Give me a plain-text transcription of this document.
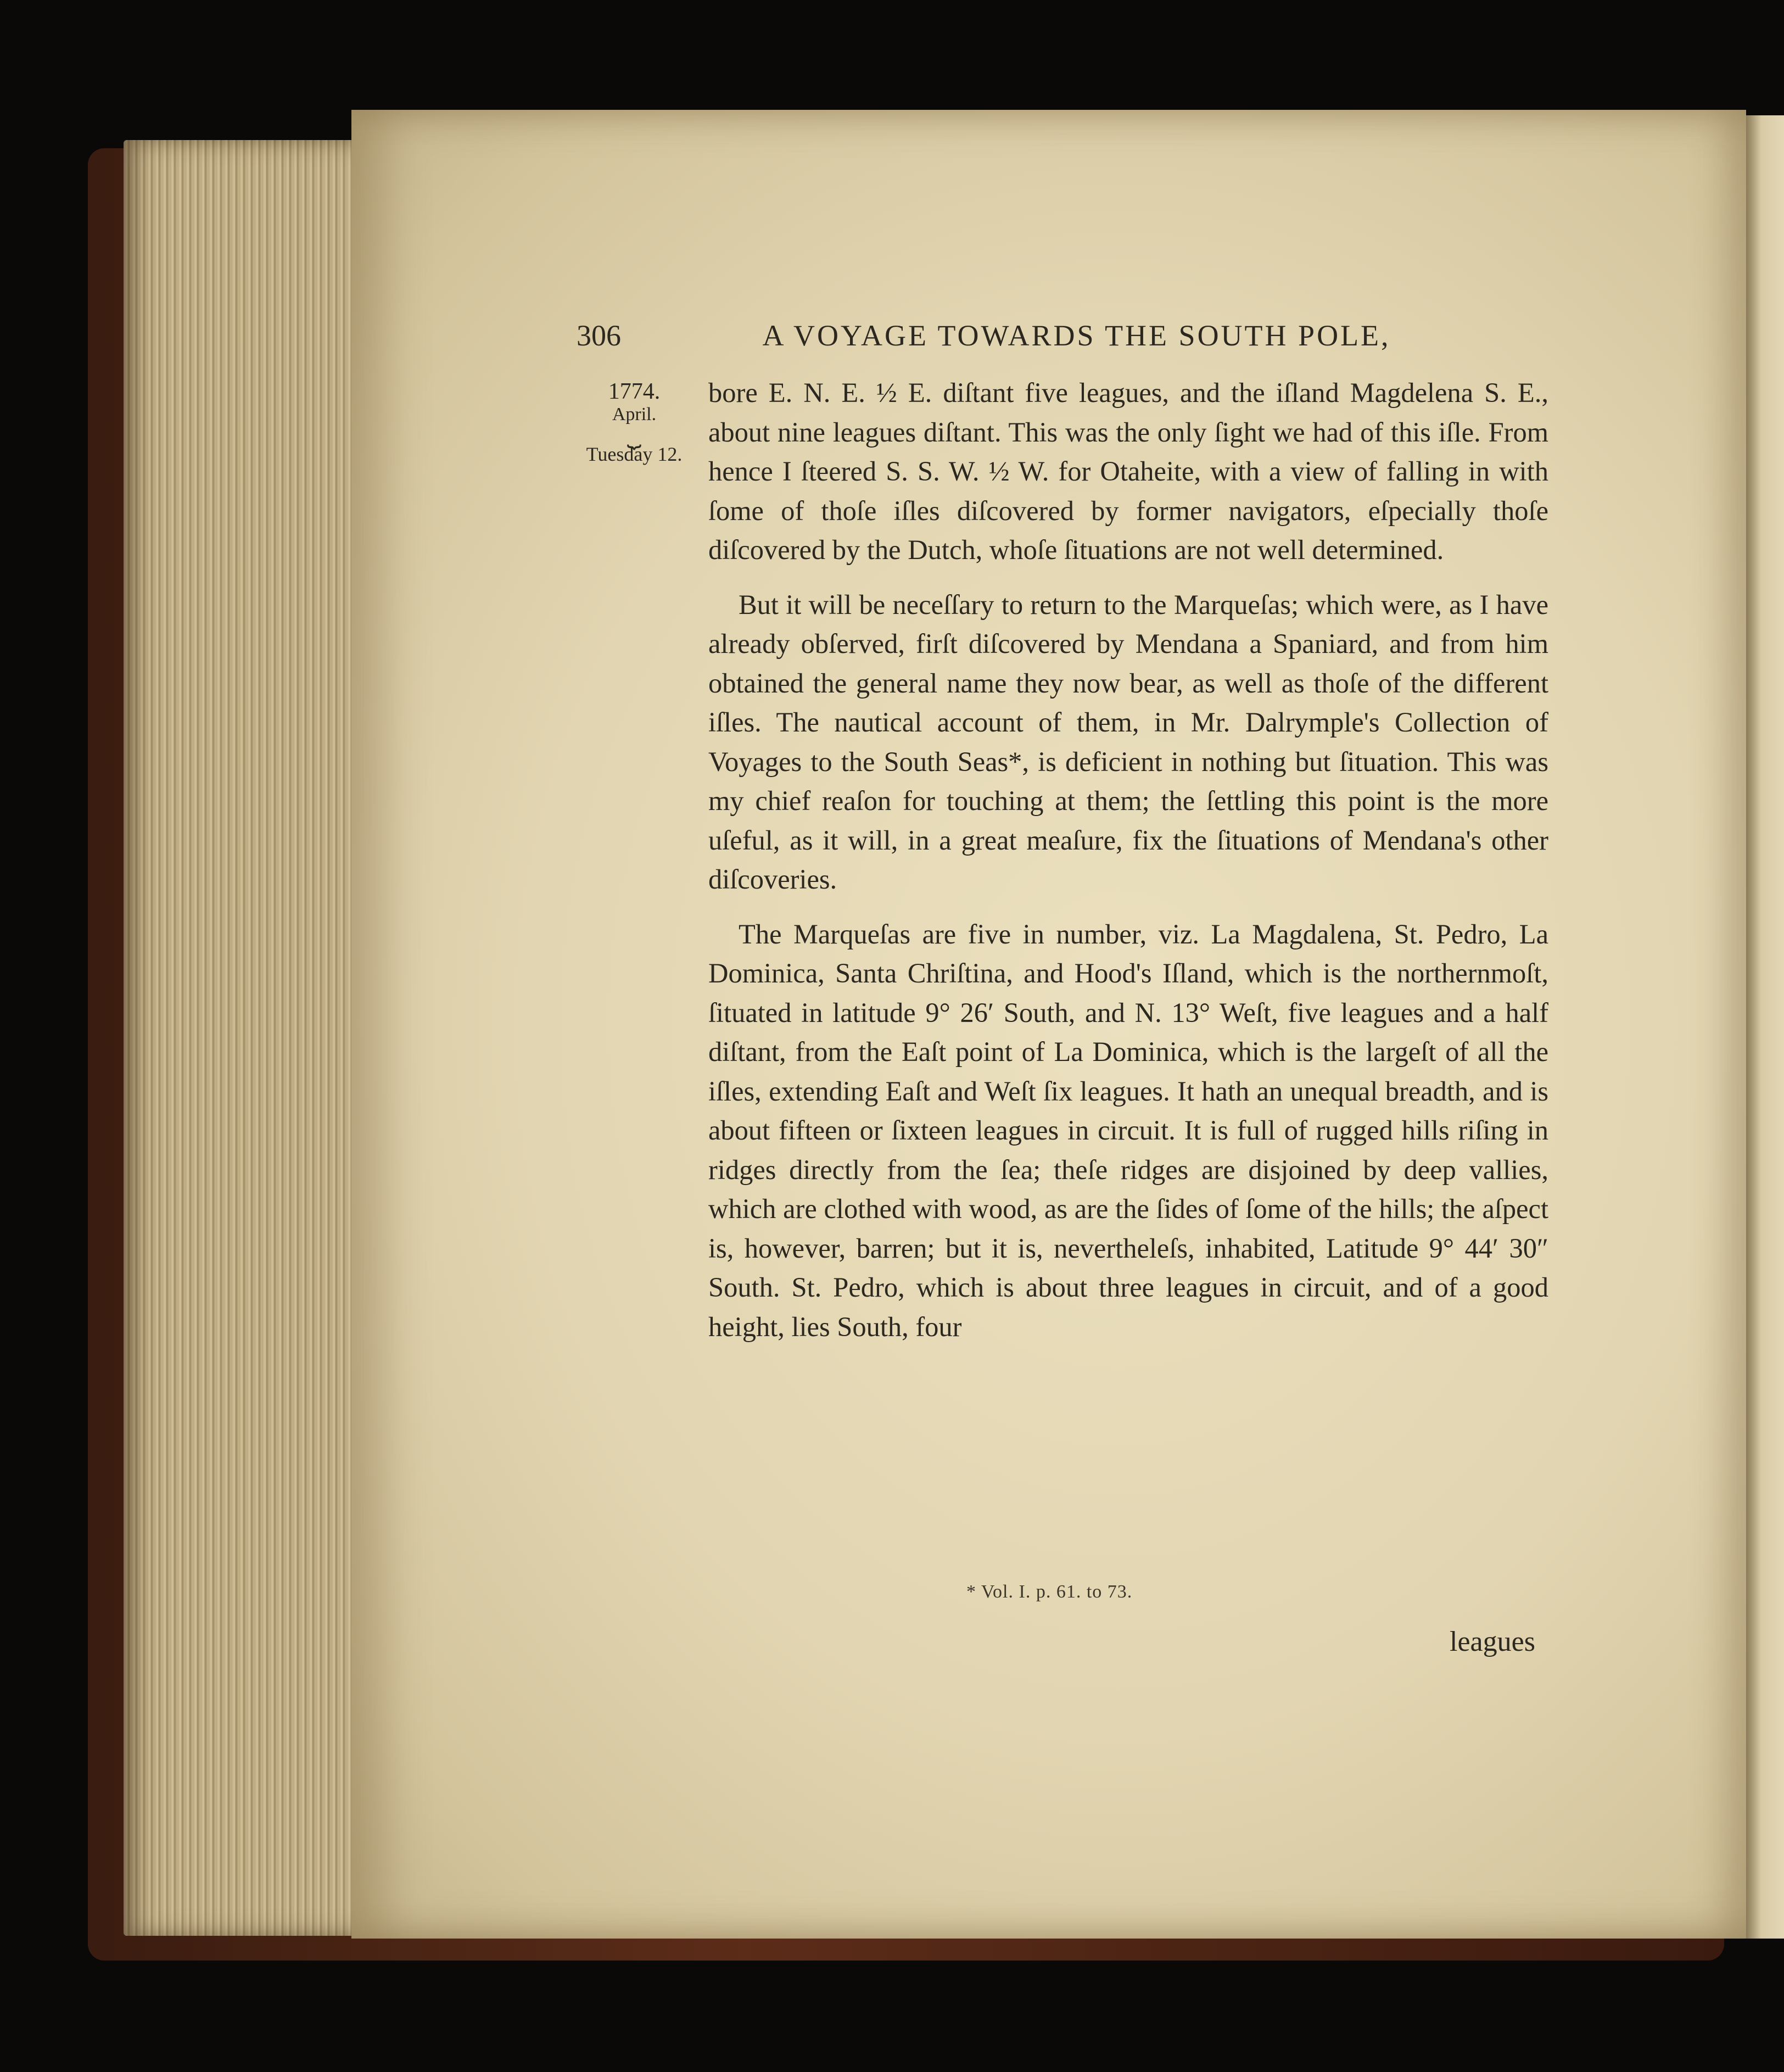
306	A VOYAGE TOWARDS THE SOUTH POLE,
1774.
April.
⏟
Tuesday 12.

bore E. N. E. ½ E. diſtant five leagues, and the iſland Magdelena S. E., about nine leagues diſtant. This was the only ſight we had of this iſle. From hence I ſteered S. S. W. ½ W. for Otaheite, with a view of falling in with ſome of thoſe iſles diſcovered by former navigators, eſpecially thoſe diſcovered by the Dutch, whoſe ſituations are not well determined.

But it will be neceſſary to return to the Marqueſas; which were, as I have already obſerved, firſt diſcovered by Mendana a Spaniard, and from him obtained the general name they now bear, as well as thoſe of the different iſles. The nautical account of them, in Mr. Dalrymple's Collection of Voyages to the South Seas*, is deficient in nothing but ſituation. This was my chief reaſon for touching at them; the ſettling this point is the more uſeful, as it will, in a great meaſure, fix the ſituations of Mendana's other diſcoveries.

The Marqueſas are five in number, viz. La Magdalena, St. Pedro, La Dominica, Santa Chriſtina, and Hood's Iſland, which is the northernmoſt, ſituated in latitude 9° 26′ South, and N. 13° Weſt, five leagues and a half diſtant, from the Eaſt point of La Dominica, which is the largeſt of all the iſles, extending Eaſt and Weſt ſix leagues. It hath an unequal breadth, and is about fifteen or ſixteen leagues in circuit. It is full of rugged hills riſing in ridges directly from the ſea; theſe ridges are disjoined by deep vallies, which are clothed with wood, as are the ſides of ſome of the hills; the aſpect is, however, barren; but it is, nevertheleſs, inhabited, Latitude 9° 44′ 30″ South. St. Pedro, which is about three leagues in circuit, and of a good height, lies South, four

* Vol. I. p. 61. to 73.
leagues
